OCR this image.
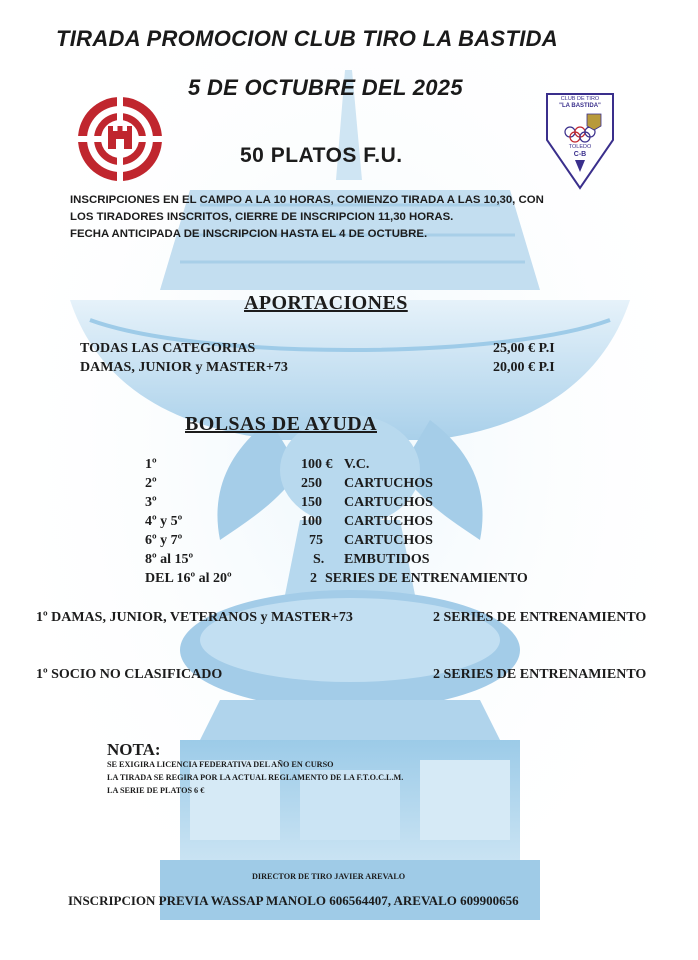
TIRADA PROMOCION CLUB TIRO LA BASTIDA
5 DE OCTUBRE DEL 2025
50 PLATOS F.U.
CLUB DE TIRO
"LA BASTIDA"
TOLEDO
C-B
INSCRIPCIONES EN EL CAMPO A LA 10 HORAS, COMIENZO TIRADA A LAS 10,30, CON
LOS TIRADORES INSCRITOS, CIERRE DE INSCRIPCION 11,30 HORAS.
FECHA ANTICIPADA DE INSCRIPCION HASTA EL 4 DE OCTUBRE.
APORTACIONES
TODAS LAS CATEGORIAS	25,00 € P.I
DAMAS, JUNIOR y MASTER+73	20,00 € P.I
BOLSAS DE AYUDA
1º	100 € V.C.
2º	250 CARTUCHOS
3º	150 CARTUCHOS
4º y 5º	100 CARTUCHOS
6º y 7º	75 CARTUCHOS
8º al 15º	S. EMBUTIDOS
DEL 16º al 20º	2 SERIES DE ENTRENAMIENTO
1º DAMAS, JUNIOR, VETERANOS y MASTER+73	2 SERIES DE ENTRENAMIENTO
1º SOCIO NO CLASIFICADO	2 SERIES DE ENTRENAMIENTO
NOTA:
SE EXIGIRA LICENCIA FEDERATIVA DEL AÑO EN CURSO
LA TIRADA SE REGIRA POR LA ACTUAL REGLAMENTO DE LA F.T.O.C.L.M.
LA SERIE DE PLATOS 6 €
DIRECTOR DE TIRO JAVIER AREVALO
INSCRIPCION PREVIA WASSAP MANOLO 606564407, AREVALO 609900656
